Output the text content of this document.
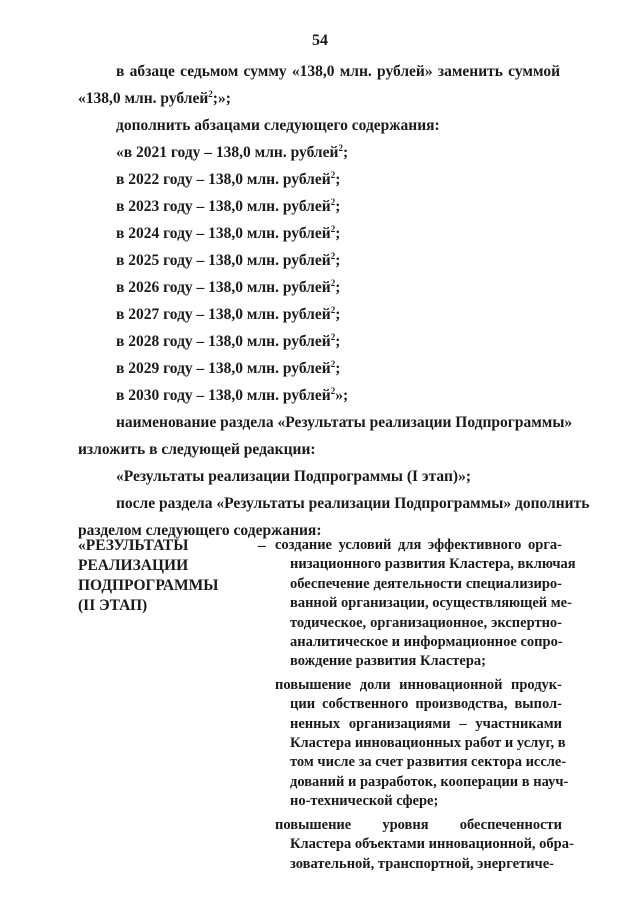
54
в абзаце седьмом сумму «138,0 млн. рублей» заменить суммой
«138,0 млн. рублей$^2$;»;
дополнить абзацами следующего содержания:
«в 2021 году – 138,0 млн. рублей$^2$;
в 2022 году – 138,0 млн. рублей$^2$;
в 2023 году – 138,0 млн. рублей$^2$;
в 2024 году – 138,0 млн. рублей$^2$;
в 2025 году – 138,0 млн. рублей$^2$;
в 2026 году – 138,0 млн. рублей$^2$;
в 2027 году – 138,0 млн. рублей$^2$;
в 2028 году – 138,0 млн. рублей$^2$;
в 2029 году – 138,0 млн. рублей$^2$;
в 2030 году – 138,0 млн. рублей$^2$»;
наименование раздела «Результаты реализации Подпрограммы»
изложить в следующей редакции:
«Результаты реализации Подпрограммы (I этап)»;
после раздела «Результаты реализации Подпрограммы» дополнить
разделом следующего содержания:
«РЕЗУЛЬТАТЫ
РЕАЛИЗАЦИИ
ПОДПРОГРАММЫ
(II ЭТАП)
– создание условий для эффективного орга-
низационного развития Кластера, включая
обеспечение деятельности специализиро-
ванной организации, осуществляющей ме-
тодическое, организационное, экспертно-
аналитическое и информационное сопро-
вождение развития Кластера;
повышение доли инновационной продук-
ции собственного производства, выпол-
ненных организациями – участниками
Кластера инновационных работ и услуг, в
том числе за счет развития сектора иссле-
дований и разработок, кооперации в науч-
но-технической сфере;
повышение уровня обеспеченности
Кластера объектами инновационной, обра-
зовательной, транспортной, энергетиче-
